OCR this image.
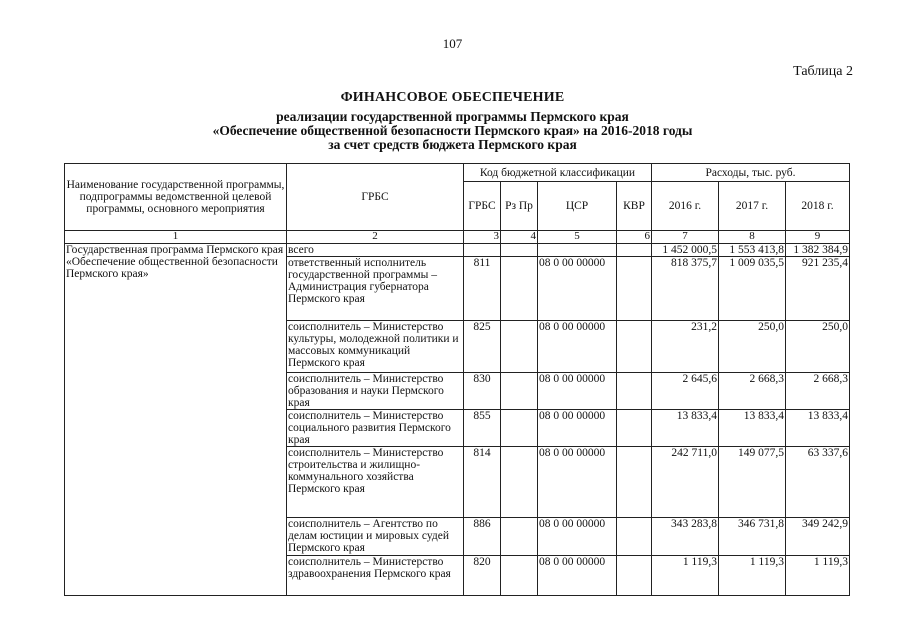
107
Таблица 2
ФИНАНСОВОЕ ОБЕСПЕЧЕНИЕ
реализации государственной программы Пермского края
«Обеспечение общественной безопасности Пермского края» на 2016-2018 годы
за счет средств бюджета Пермского края
Наименование государственной программы, подпрограммы ведомственной целевой программы, основного мероприятия	ГРБС	Код бюджетной классификации				Расходы, тыс. руб.		
		ГРБС	Рз Пр	ЦСР	КВР	2016 г.	2017 г.	2018 г.
1	2	3	4	5	6	7	8	9
Государственная программа Пермского края «Обеспечение общественной безопасности Пермского края»	всего					1 452 000,5	1 553 413,8	1 382 384,9
	ответственный исполнитель государственной программы – Администрация губернатора Пермского края	811		08 0 00 00000		818 375,7	1 009 035,5	921 235,4
	соисполнитель – Министерство культуры, молодежной политики и массовых коммуникаций Пермского края	825		08 0 00 00000		231,2	250,0	250,0
	соисполнитель – Министерство образования и науки Пермского края	830		08 0 00 00000		2 645,6	2 668,3	2 668,3
	соисполнитель – Министерство социального развития Пермского края	855		08 0 00 00000		13 833,4	13 833,4	13 833,4
	соисполнитель – Министерство строительства и жилищно-коммунального хозяйства Пермского края	814		08 0 00 00000		242 711,0	149 077,5	63 337,6
	соисполнитель – Агентство по делам юстиции и мировых судей Пермского края	886		08 0 00 00000		343 283,8	346 731,8	349 242,9
	соисполнитель – Министерство здравоохранения Пермского края	820		08 0 00 00000		1 119,3	1 119,3	1 119,3
